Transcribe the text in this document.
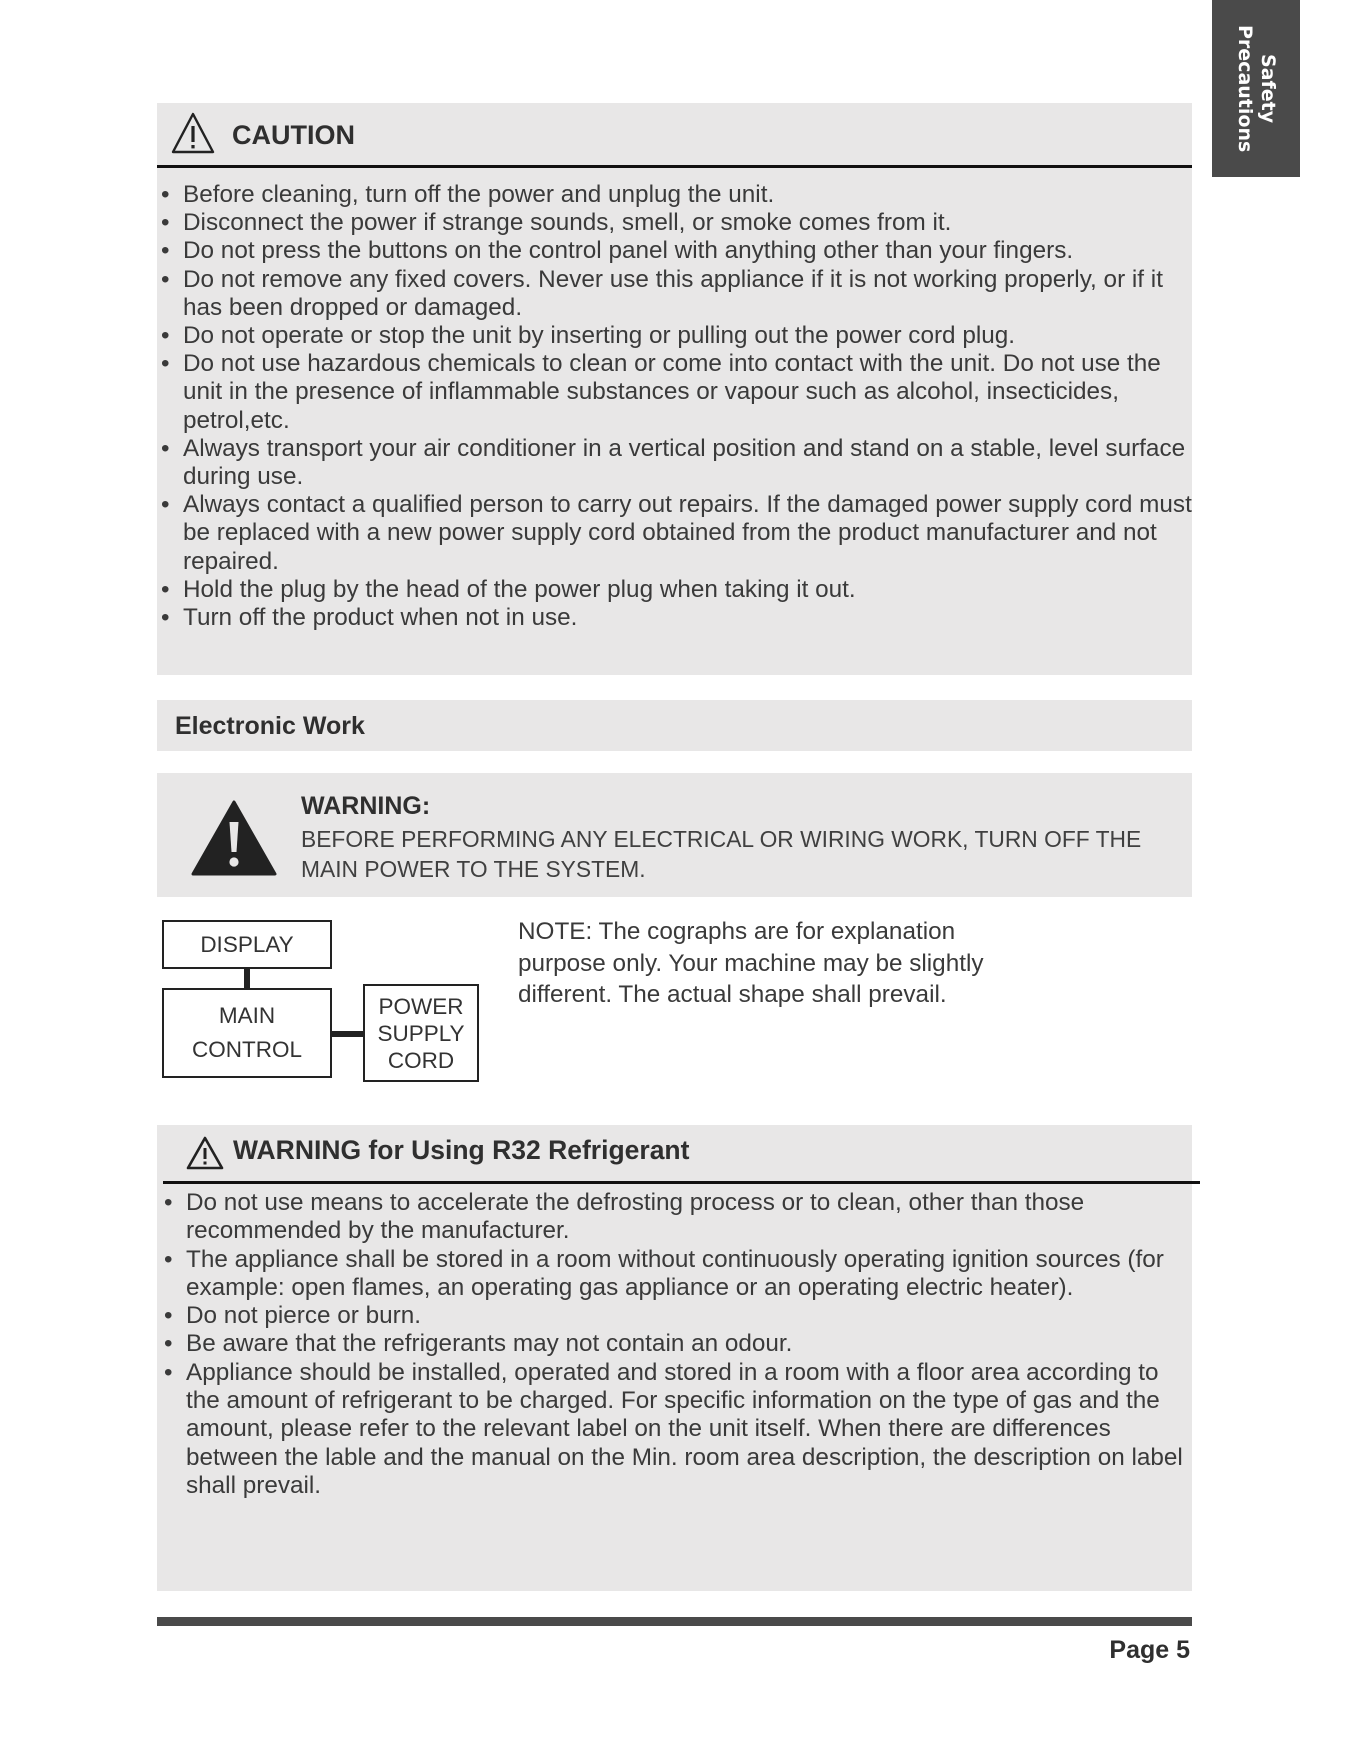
Safety
Precautions
CAUTION
• Before cleaning, turn off the power and unplug the unit.
• Disconnect the power if strange sounds, smell, or smoke comes from it.
• Do not press the buttons on the control panel with anything other than your fingers.
• Do not remove any fixed covers. Never use this appliance if it is not working properly, or if it has been dropped or damaged.
• Do not operate or stop the unit by inserting or pulling out the power cord plug.
• Do not use hazardous chemicals to clean or come into contact with the unit. Do not use the unit in the presence of inflammable substances or vapour such as alcohol, insecticides, petrol,etc.
• Always transport your air conditioner in a vertical position and stand on a stable, level surface during use.
• Always contact a qualified person to carry out repairs. If the damaged power supply cord must be replaced with a new power supply cord obtained from the product manufacturer and not repaired.
• Hold the plug by the head of the power plug when taking it out.
• Turn off the product when not in use.
Electronic Work
WARNING:
BEFORE PERFORMING ANY ELECTRICAL OR WIRING WORK, TURN OFF THE MAIN POWER TO THE SYSTEM.
DISPLAY
MAIN
CONTROL
POWER
SUPPLY
CORD
NOTE: The cographs are for explanation purpose only. Your machine may be slightly different. The actual shape shall prevail.
WARNING for Using R32 Refrigerant
• Do not use means to accelerate the defrosting process or to clean, other than those recommended by the manufacturer.
• The appliance shall be stored in a room without continuously operating ignition sources (for example: open flames, an operating gas appliance or an operating electric heater).
• Do not pierce or burn.
• Be aware that the refrigerants may not contain an odour.
• Appliance should be installed, operated and stored in a room with a floor area according to the amount of refrigerant to be charged. For specific information on the type of gas and the amount, please refer to the relevant label on the unit itself. When there are differences between the lable and the manual on the Min. room area description, the description on label shall prevail.
Page 5
